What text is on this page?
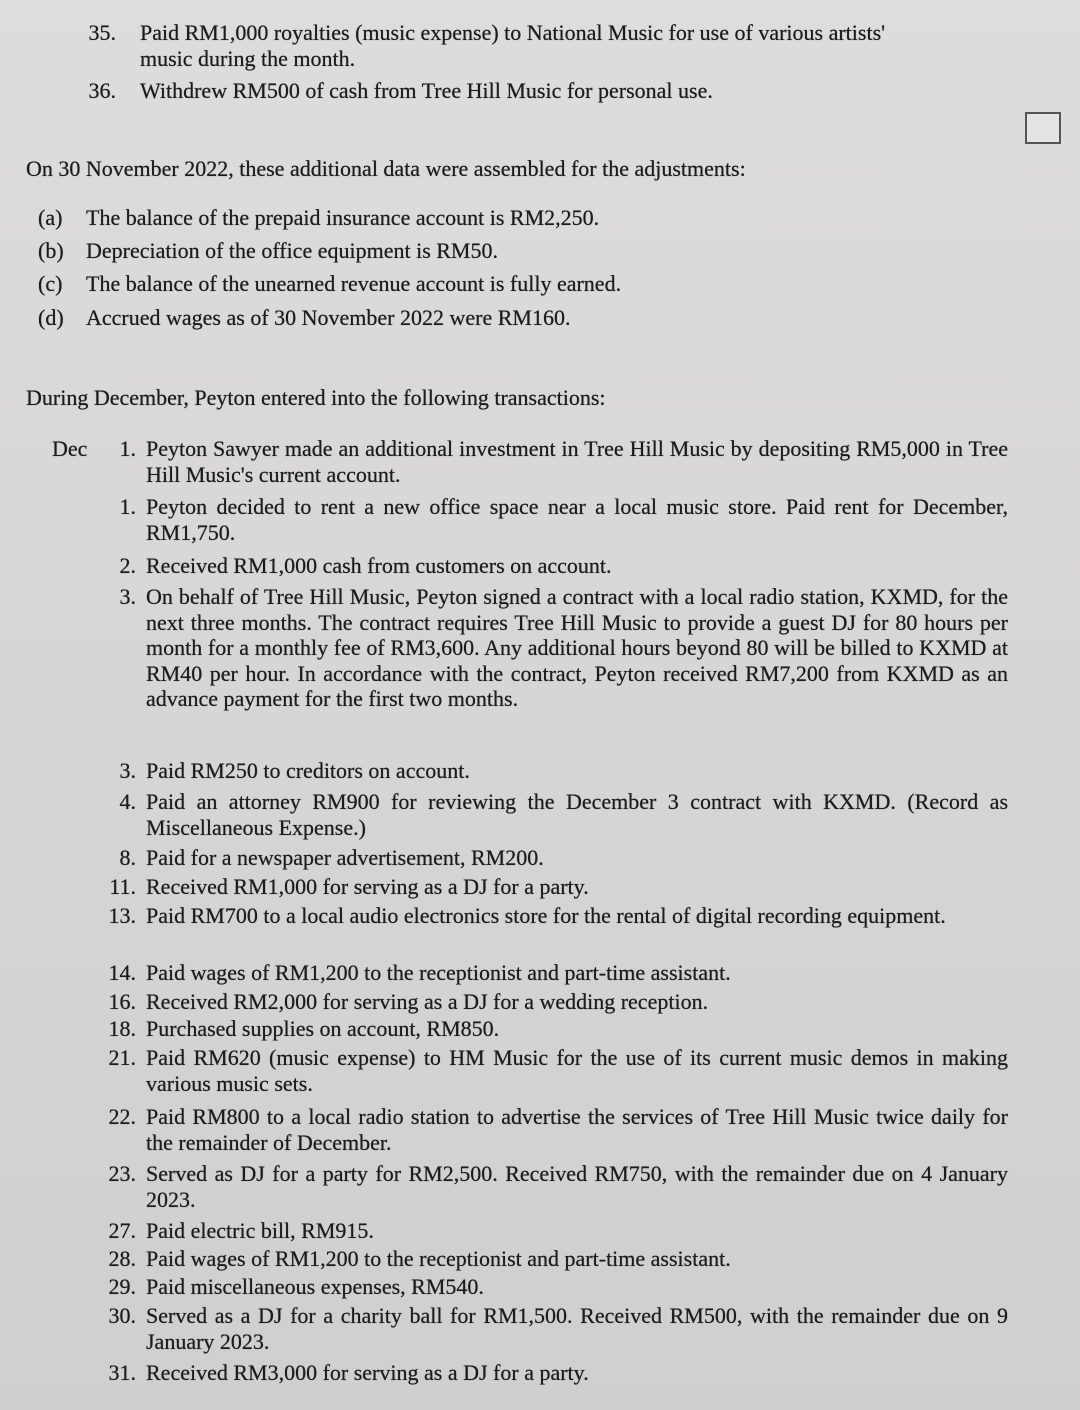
35. Paid RM1,000 royalties (music expense) to National Music for use of various artists'
music during the month.
36. Withdrew RM500 of cash from Tree Hill Music for personal use.
On 30 November 2022, these additional data were assembled for the adjustments:
(a) The balance of the prepaid insurance account is RM2,250.
(b) Depreciation of the office equipment is RM50.
(c) The balance of the unearned revenue account is fully earned.
(d) Accrued wages as of 30 November 2022 were RM160.
During December, Peyton entered into the following transactions:
Dec	1. Peyton Sawyer made an additional investment in Tree Hill Music by depositing RM5,000 in Tree Hill Music's current account.
1. Peyton decided to rent a new office space near a local music store. Paid rent for December, RM1,750.
2. Received RM1,000 cash from customers on account.
3. On behalf of Tree Hill Music, Peyton signed a contract with a local radio station, KXMD, for the next three months. The contract requires Tree Hill Music to provide a guest DJ for 80 hours per month for a monthly fee of RM3,600. Any additional hours beyond 80 will be billed to KXMD at RM40 per hour. In accordance with the contract, Peyton received RM7,200 from KXMD as an advance payment for the first two months.
3. Paid RM250 to creditors on account.
4. Paid an attorney RM900 for reviewing the December 3 contract with KXMD. (Record as Miscellaneous Expense.)
8. Paid for a newspaper advertisement, RM200.
11. Received RM1,000 for serving as a DJ for a party.
13. Paid RM700 to a local audio electronics store for the rental of digital recording equipment.
14. Paid wages of RM1,200 to the receptionist and part-time assistant.
16. Received RM2,000 for serving as a DJ for a wedding reception.
18. Purchased supplies on account, RM850.
21. Paid RM620 (music expense) to HM Music for the use of its current music demos in making various music sets.
22. Paid RM800 to a local radio station to advertise the services of Tree Hill Music twice daily for the remainder of December.
23. Served as DJ for a party for RM2,500. Received RM750, with the remainder due on 4 January 2023.
27. Paid electric bill, RM915.
28. Paid wages of RM1,200 to the receptionist and part-time assistant.
29. Paid miscellaneous expenses, RM540.
30. Served as a DJ for a charity ball for RM1,500. Received RM500, with the remainder due on 9 January 2023.
31. Received RM3,000 for serving as a DJ for a party.
